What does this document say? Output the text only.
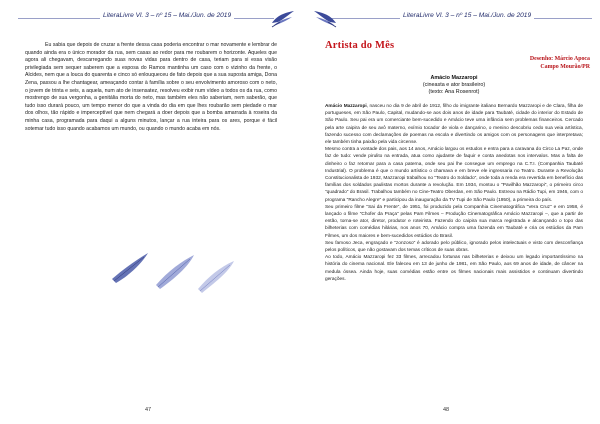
LiteraLivre Vl. 3 – nº 15 – Mai./Jun. de 2019
Eu sabia que depois de cruzar a frente dessa casa poderia encontrar o mar novamente e lembrar de quando ainda era o único morador da rua, sem casas ao redor para me roubarem o horizonte. Aqueles que agora ali chegavam, descarregando suas novas vidas para dentro de casa, teriam para si essa visão privilegiada sem sequer saberem que a esposa do Ramos mantinha um caso com o vizinho da frente, o Alcides, nem que a louca do quarenta e cinco só enlouqueceu de fato depois que a sua suposta amiga, Dona Zena, passou a lhe chantagear, ameaçando contar à família sobre o seu envolvimento amoroso com o neto, o jovem de trinta e seis, a aquela, num ato de insensatez, resolveu exibir num vídeo a todos os da rua, como mostrengo de sua vergonha, a genitália morta do neto, mas também eles não saberiam, nem saberão, que tudo isso durará pouco, um tempo menor do que a vinda do dia em que lhes roubarão sem piedade o mar dos olhos, tão rápido e imperceptível que nem chegará a doer depois que a bomba amarrada à roseira da minha casa, programada para daqui a alguns minutos, lançar a rua inteira para os ares, porque é fácil sotemar tudo isso quando acabamos um mundo, ou quando o mundo acaba em nós.
47
LiteraLivre Vl. 3 – nº 15 – Mai./Jun. de 2019
Artista do Mês
Desenho: Márcio Apoca
Campo Mourão/PR
Amácio Mazzaropi
(cineasta e ator brasileiro)
(texto: Ana Rosenrot)

Amácio Mazzaropi, nasceu no dia 9 de abril de 1912, filho do imigrante italiano Bernardo Mazzaropi e de Clara, filha de portugueses, em São Paulo, Capital, mudando-se aos dois anos de idade para Taubaté, cidade do interior do Estado de São Paulo. Seu pai era um comerciante bem-sucedido e Amácio teve uma infância sem problemas financeiros. Cercado pela arte caipira de seu avô materno, exímio tocador de viola e dançarino, o menino descobriu cedo sua veia artística, fazendo sucesso com declamações de poemas na escola e divertindo os amigos com os personagens que interpretava; ele também tinha paixão pela vida circense.

Mesmo contra a vontade dos pais, aos 14 anos, Amácio largou os estudos e entra para a caravana do Circo La Paz, onde faz de tudo: vende pirulito na entrada, atua como ajudante de faquir e conta anedotas nos intervalos. Mas a falta de dinheiro o faz retornar para a casa paterna, onde seu pai lhe consegue um emprego na C.T.I. (Companhia Taubaté Industrial). O problema é que o mundo artístico o chamava e em breve ele ingressaria no Teatro. Durante a Revolução Constitucionalista de 1932, Mazzaropi trabalhou no "Teatro do Soldado", onde toda a renda era revertida em benefício das famílias dos soldados paulistas mortos durante a revolução. Em 1934, montou o "Pavilhão Mazzaropi", o primeiro circo "quadrado" do Brasil. Trabalhou também no Cine-Teatro Oberdan, em São Paulo. Estreou na Rádio Tupi, em 1946, com o programa "Rancho Alegre" e participou da inauguração da TV Tupi de São Paulo (1950), a primeira do país.

Seu primeiro filme "Sai da Frente", de 1951, foi produzido pela Companhia Cinematográfica "Vera Cruz" e em 1958, é lançado o filme "Chofer da Praça" pelas Pam Filmes – Produção Cinematográfica Amácio Mazzaropi –, que a partir de então, torna-se ator, diretor, produtor e roteirista. Fazendo do caipira sua marca registrada e alcançando o topo das bilheterias com comédias hilárias, nos anos 70, Amácio compra uma fazenda em Taubaté e cria os estúdios da Pam Filmes, um dos maiores e bem-sucedidos estúdios do Brasil.

Seu famoso Jeca, engraçado e "zonzoso" é adorado pelo público, ignorado pelos intelectuais e visto com desconfiança pelos políticos, que não gostavam dos temas críticos de suas obras.

Ao todo, Amácio Mazzaropi fez 33 filmes, arrecadou fortunas nas bilheterias e deixou um legado importantíssimo na história do cinema nacional. Ele faleceu em 13 de junho de 1981, em São Paulo, aos 69 anos de idade, de câncer na medula óssea. Ainda hoje, suas comédias estão entre os filmes nacionais mais assistidos e continuam divertindo gerações.

48
